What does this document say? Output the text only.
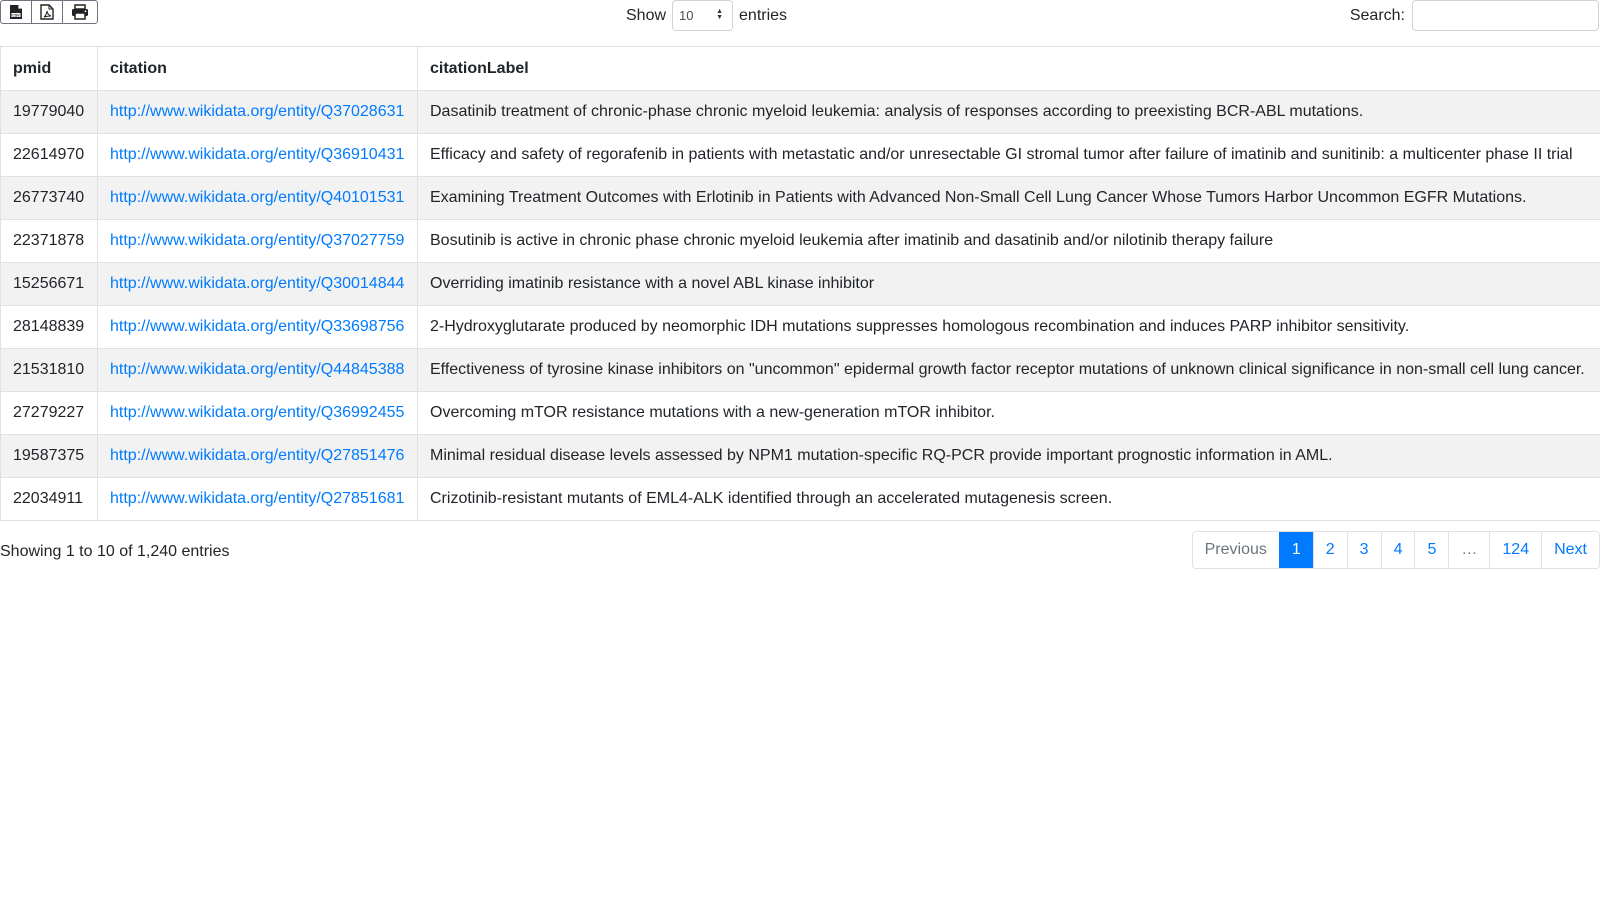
CSV	Show
10	▲
▼ entries	Search:
pmid	citation	citationLabel
19779040	http://www.wikidata.org/entity/Q37028631	Dasatinib treatment of chronic-phase chronic myeloid leukemia: analysis of responses according to preexisting BCR-ABL mutations.
22614970	http://www.wikidata.org/entity/Q36910431	Efficacy and safety of regorafenib in patients with metastatic and/or unresectable GI stromal tumor after failure of imatinib and sunitinib: a multicenter phase II trial
26773740	http://www.wikidata.org/entity/Q40101531	Examining Treatment Outcomes with Erlotinib in Patients with Advanced Non-Small Cell Lung Cancer Whose Tumors Harbor Uncommon EGFR Mutations.
22371878	http://www.wikidata.org/entity/Q37027759	Bosutinib is active in chronic phase chronic myeloid leukemia after imatinib and dasatinib and/or nilotinib therapy failure
15256671	http://www.wikidata.org/entity/Q30014844	Overriding imatinib resistance with a novel ABL kinase inhibitor
28148839	http://www.wikidata.org/entity/Q33698756	2-Hydroxyglutarate produced by neomorphic IDH mutations suppresses homologous recombination and induces PARP inhibitor sensitivity.
21531810	http://www.wikidata.org/entity/Q44845388	Effectiveness of tyrosine kinase inhibitors on "uncommon" epidermal growth factor receptor mutations of unknown clinical significance in non-small cell lung cancer.
27279227	http://www.wikidata.org/entity/Q36992455	Overcoming mTOR resistance mutations with a new-generation mTOR inhibitor.
19587375	http://www.wikidata.org/entity/Q27851476	Minimal residual disease levels assessed by NPM1 mutation-specific RQ-PCR provide important prognostic information in AML.
22034911	http://www.wikidata.org/entity/Q27851681	Crizotinib-resistant mutants of EML4-ALK identified through an accelerated mutagenesis screen.
Showing 1 to 10 of 1,240 entries	Previous	1	2	3	4	5	…	124	Next
